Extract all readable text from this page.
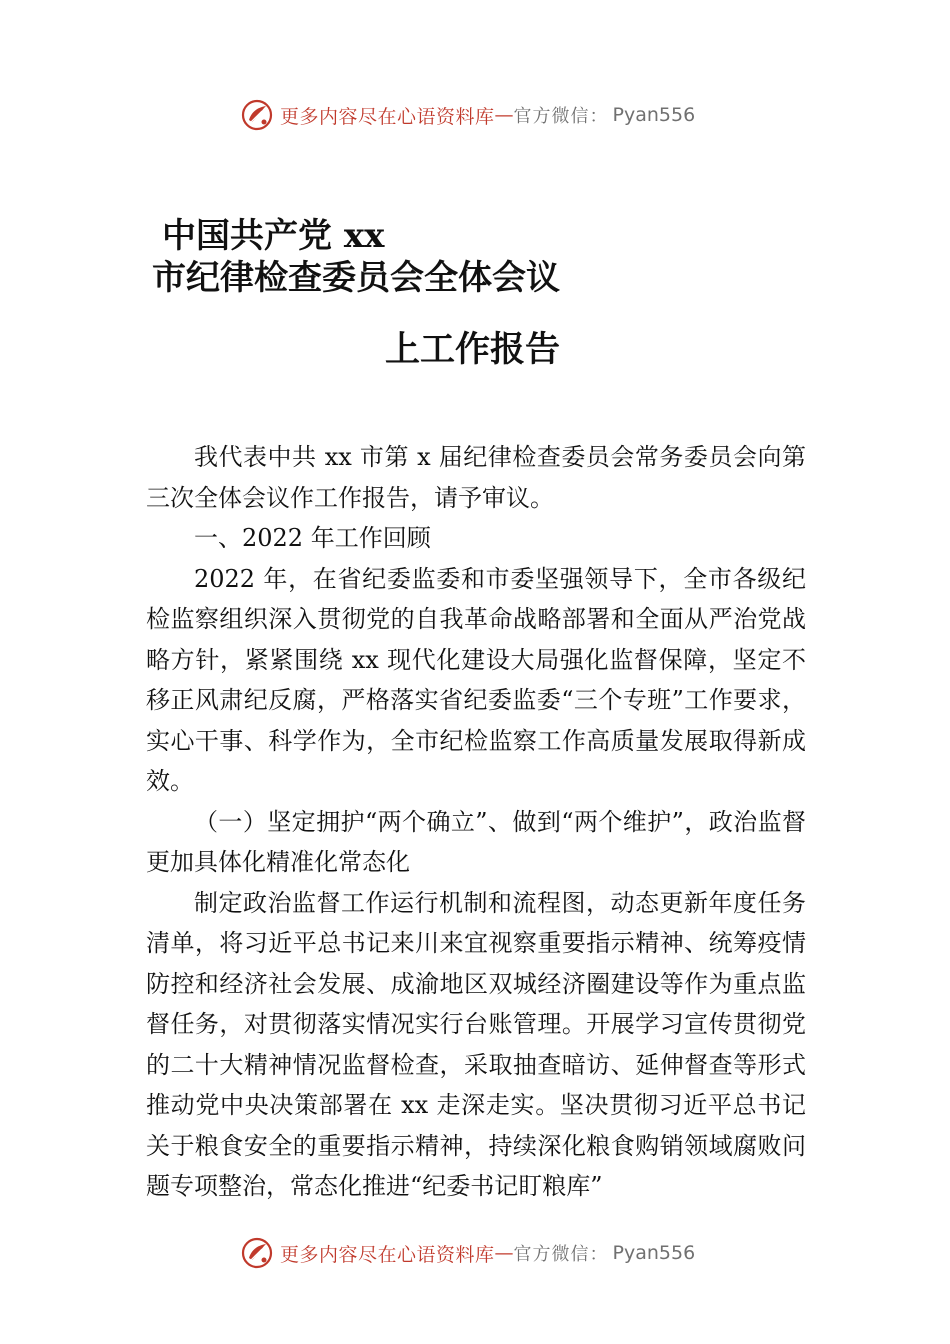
更多内容尽在心语资料库 — 官方微信： Pyan556
中国共产党 xx
市纪律检查委员会全体会议
上工作报告

我代表中共 xx 市第 x 届纪律检查委员会常务委员会向第三次全体会议作工作报告，请予审议。

一、2022 年工作回顾

2022 年，在省纪委监委和市委坚强领导下，全市各级纪检监察组织深入贯彻党的自我革命战略部署和全面从严治党战略方针，紧紧围绕 xx 现代化建设大局强化监督保障，坚定不移正风肃纪反腐，严格落实省纪委监委“三个专班”工作要求，实心干事、科学作为，全市纪检监察工作高质量发展取得新成效。

（一）坚定拥护“两个确立”、做到“两个维护”，政治监督更加具体化精准化常态化

制定政治监督工作运行机制和流程图，动态更新年度任务清单，将习近平总书记来川来宜视察重要指示精神、统筹疫情防控和经济社会发展、成渝地区双城经济圈建设等作为重点监督任务，对贯彻落实情况实行台账管理。开展学习宣传贯彻党的二十大精神情况监督检查，采取抽查暗访、延伸督查等形式推动党中央决策部署在 xx 走深走实。坚决贯彻习近平总书记关于粮食安全的重要指示精神，持续深化粮食购销领域腐败问题专项整治，常态化推进“纪委书记盯粮库”

更多内容尽在心语资料库 — 官方微信： Pyan556
